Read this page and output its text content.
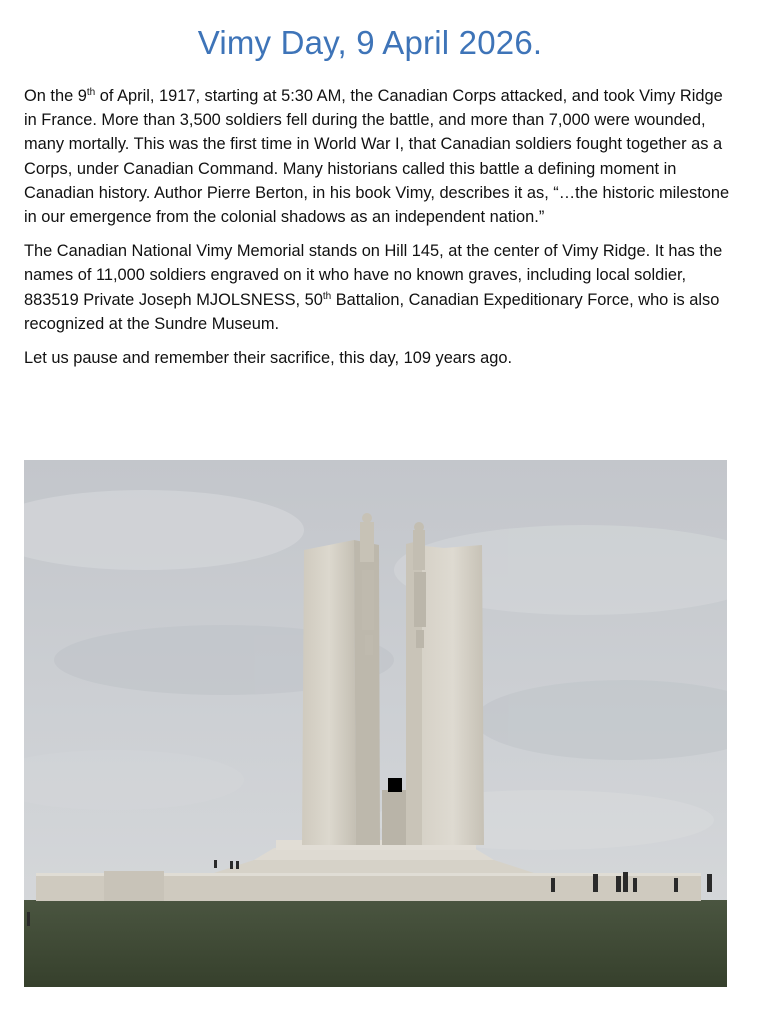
Vimy Day, 9 April 2026.

On the 9th of April, 1917, starting at 5:30 AM, the Canadian Corps attacked, and took Vimy Ridge in France. More than 3,500 soldiers fell during the battle, and more than 7,000 were wounded, many mortally. This was the first time in World War I, that Canadian soldiers fought together as a Corps, under Canadian Command. Many historians called this battle a defining moment in Canadian history. Author Pierre Berton, in his book Vimy, describes it as, “…the historic milestone in our emergence from the colonial shadows as an independent nation.”

The Canadian National Vimy Memorial stands on Hill 145, at the center of Vimy Ridge. It has the names of 11,000 soldiers engraved on it who have no known graves, including local soldier, 883519 Private Joseph MJOLSNESS, 50th Battalion, Canadian Expeditionary Force, who is also recognized at the Sundre Museum.

Let us pause and remember their sacrifice, this day, 109 years ago.
